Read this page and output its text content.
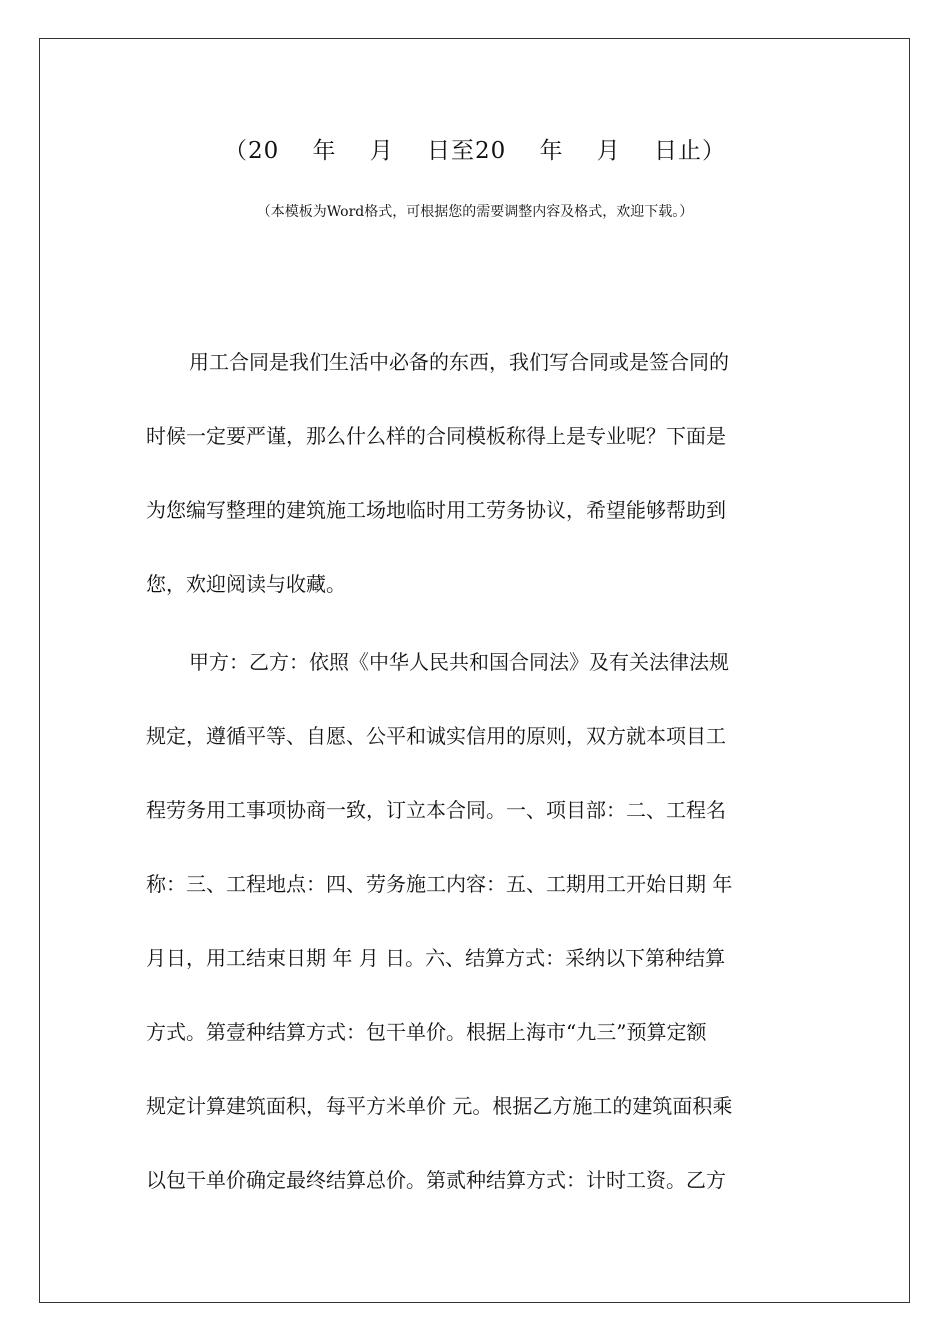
（20    年    月    日至20    年    月    日止）
（本模板为Word格式，可根据您的需要调整内容及格式，欢迎下载。）
用工合同是我们生活中必备的东西，我们写合同或是签合同的
时候一定要严谨，那么什么样的合同模板称得上是专业呢？下面是
为您编写整理的建筑施工场地临时用工劳务协议，希望能够帮助到
您，欢迎阅读与收藏。
甲方：乙方：依照《中华人民共和国合同法》及有关法律法规
规定，遵循平等、自愿、公平和诚实信用的原则，双方就本项目工
程劳务用工事项协商一致，订立本合同。一、项目部：二、工程名
称：三、工程地点：四、劳务施工内容：五、工期用工开始日期 年
月日，用工结束日期 年 月 日。六、结算方式：采纳以下第种结算
方式。第壹种结算方式：包干单价。根据上海市“九三”预算定额
规定计算建筑面积，每平方米单价 元。根据乙方施工的建筑面积乘
以包干单价确定最终结算总价。第贰种结算方式：计时工资。乙方
